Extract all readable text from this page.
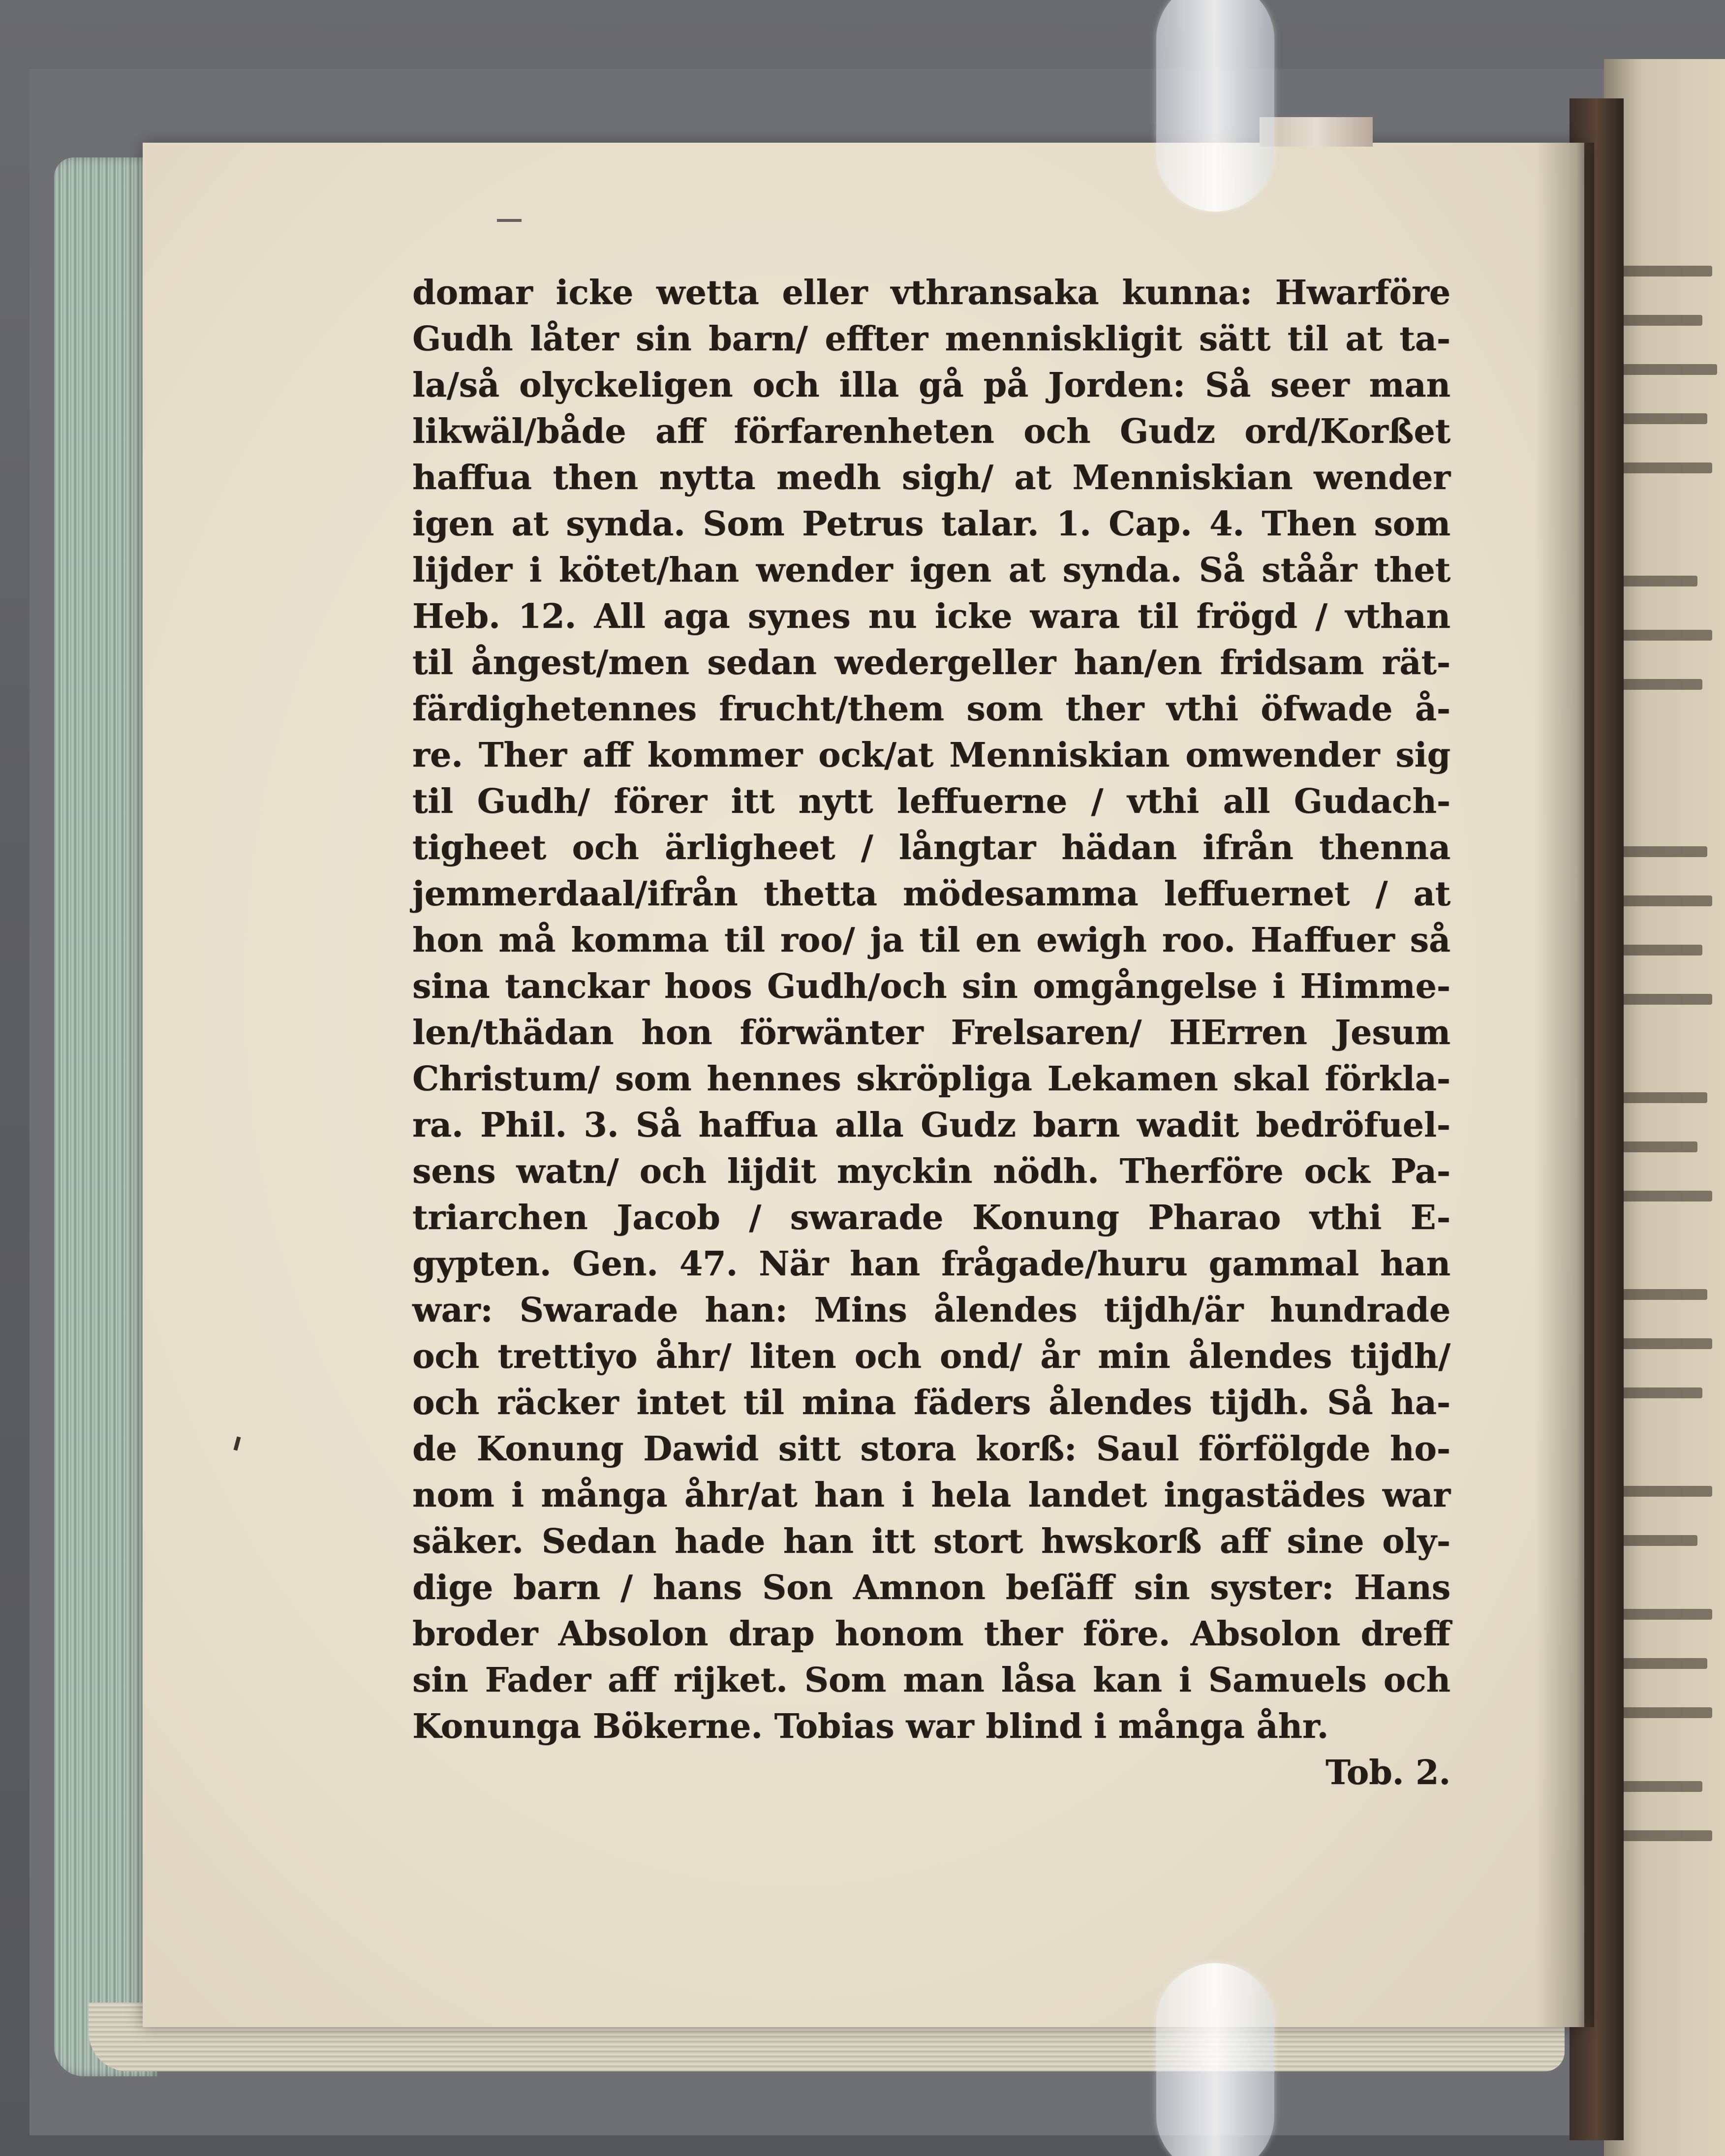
domar icke wetta eller vthransaka kunna: Hwarföre
Gudh låter sin barn/ effter menniskligit sätt til at ta-
la/så olyckeligen och illa gå på Jorden: Så seer man
likwäl/både aff förfarenheten och Gudz ord/Korßet
haffua then nytta medh sigh/ at Menniskian wender
igen at synda. Som Petrus talar. 1. Cap. 4. Then som
lijder i kötet/han wender igen at synda. Så ståår thet
Heb. 12. All aga synes nu icke wara til frögd / vthan
til ångest/men sedan wedergeller han/en fridsam rät-
färdighetennes frucht/them som ther vthi öfwade å-
re. Ther aff kommer ock/at Menniskian omwender sig
til Gudh/ förer itt nytt leffuerne / vthi all Gudach-
tigheet och ärligheet / långtar hädan ifrån thenna
jemmerdaal/ifrån thetta mödesamma leffuernet / at
hon må komma til roo/ ja til en ewigh roo. Haffuer så
sina tanckar hoos Gudh/och sin omgångelse i Himme-
len/thädan hon förwänter Frelsaren/ HErren Jesum
Christum/ som hennes skröpliga Lekamen skal förkla-
ra. Phil. 3. Så haffua alla Gudz barn wadit bedröfuel-
sens watn/ och lijdit myckin nödh. Therföre ock Pa-
triarchen Jacob / swarade Konung Pharao vthi E-
gypten. Gen. 47. När han frågade/huru gammal han
war: Swarade han: Mins ålendes tijdh/är hundrade
och trettiyo åhr/ liten och ond/ år min ålendes tijdh/
och räcker intet til mina fäders ålendes tijdh. Så ha-
de Konung Dawid sitt stora korß: Saul förfölgde ho-
nom i många åhr/at han i hela landet ingastädes war
säker. Sedan hade han itt stort hwskorß aff sine oly-
dige barn / hans Son Amnon beſäff sin syster: Hans
broder Absolon drap honom ther före. Absolon dreff
sin Fader aff rijket. Som man låsa kan i Samuels och
Konunga Bökerne. Tobias war blind i många åhr.
Tob. 2.
